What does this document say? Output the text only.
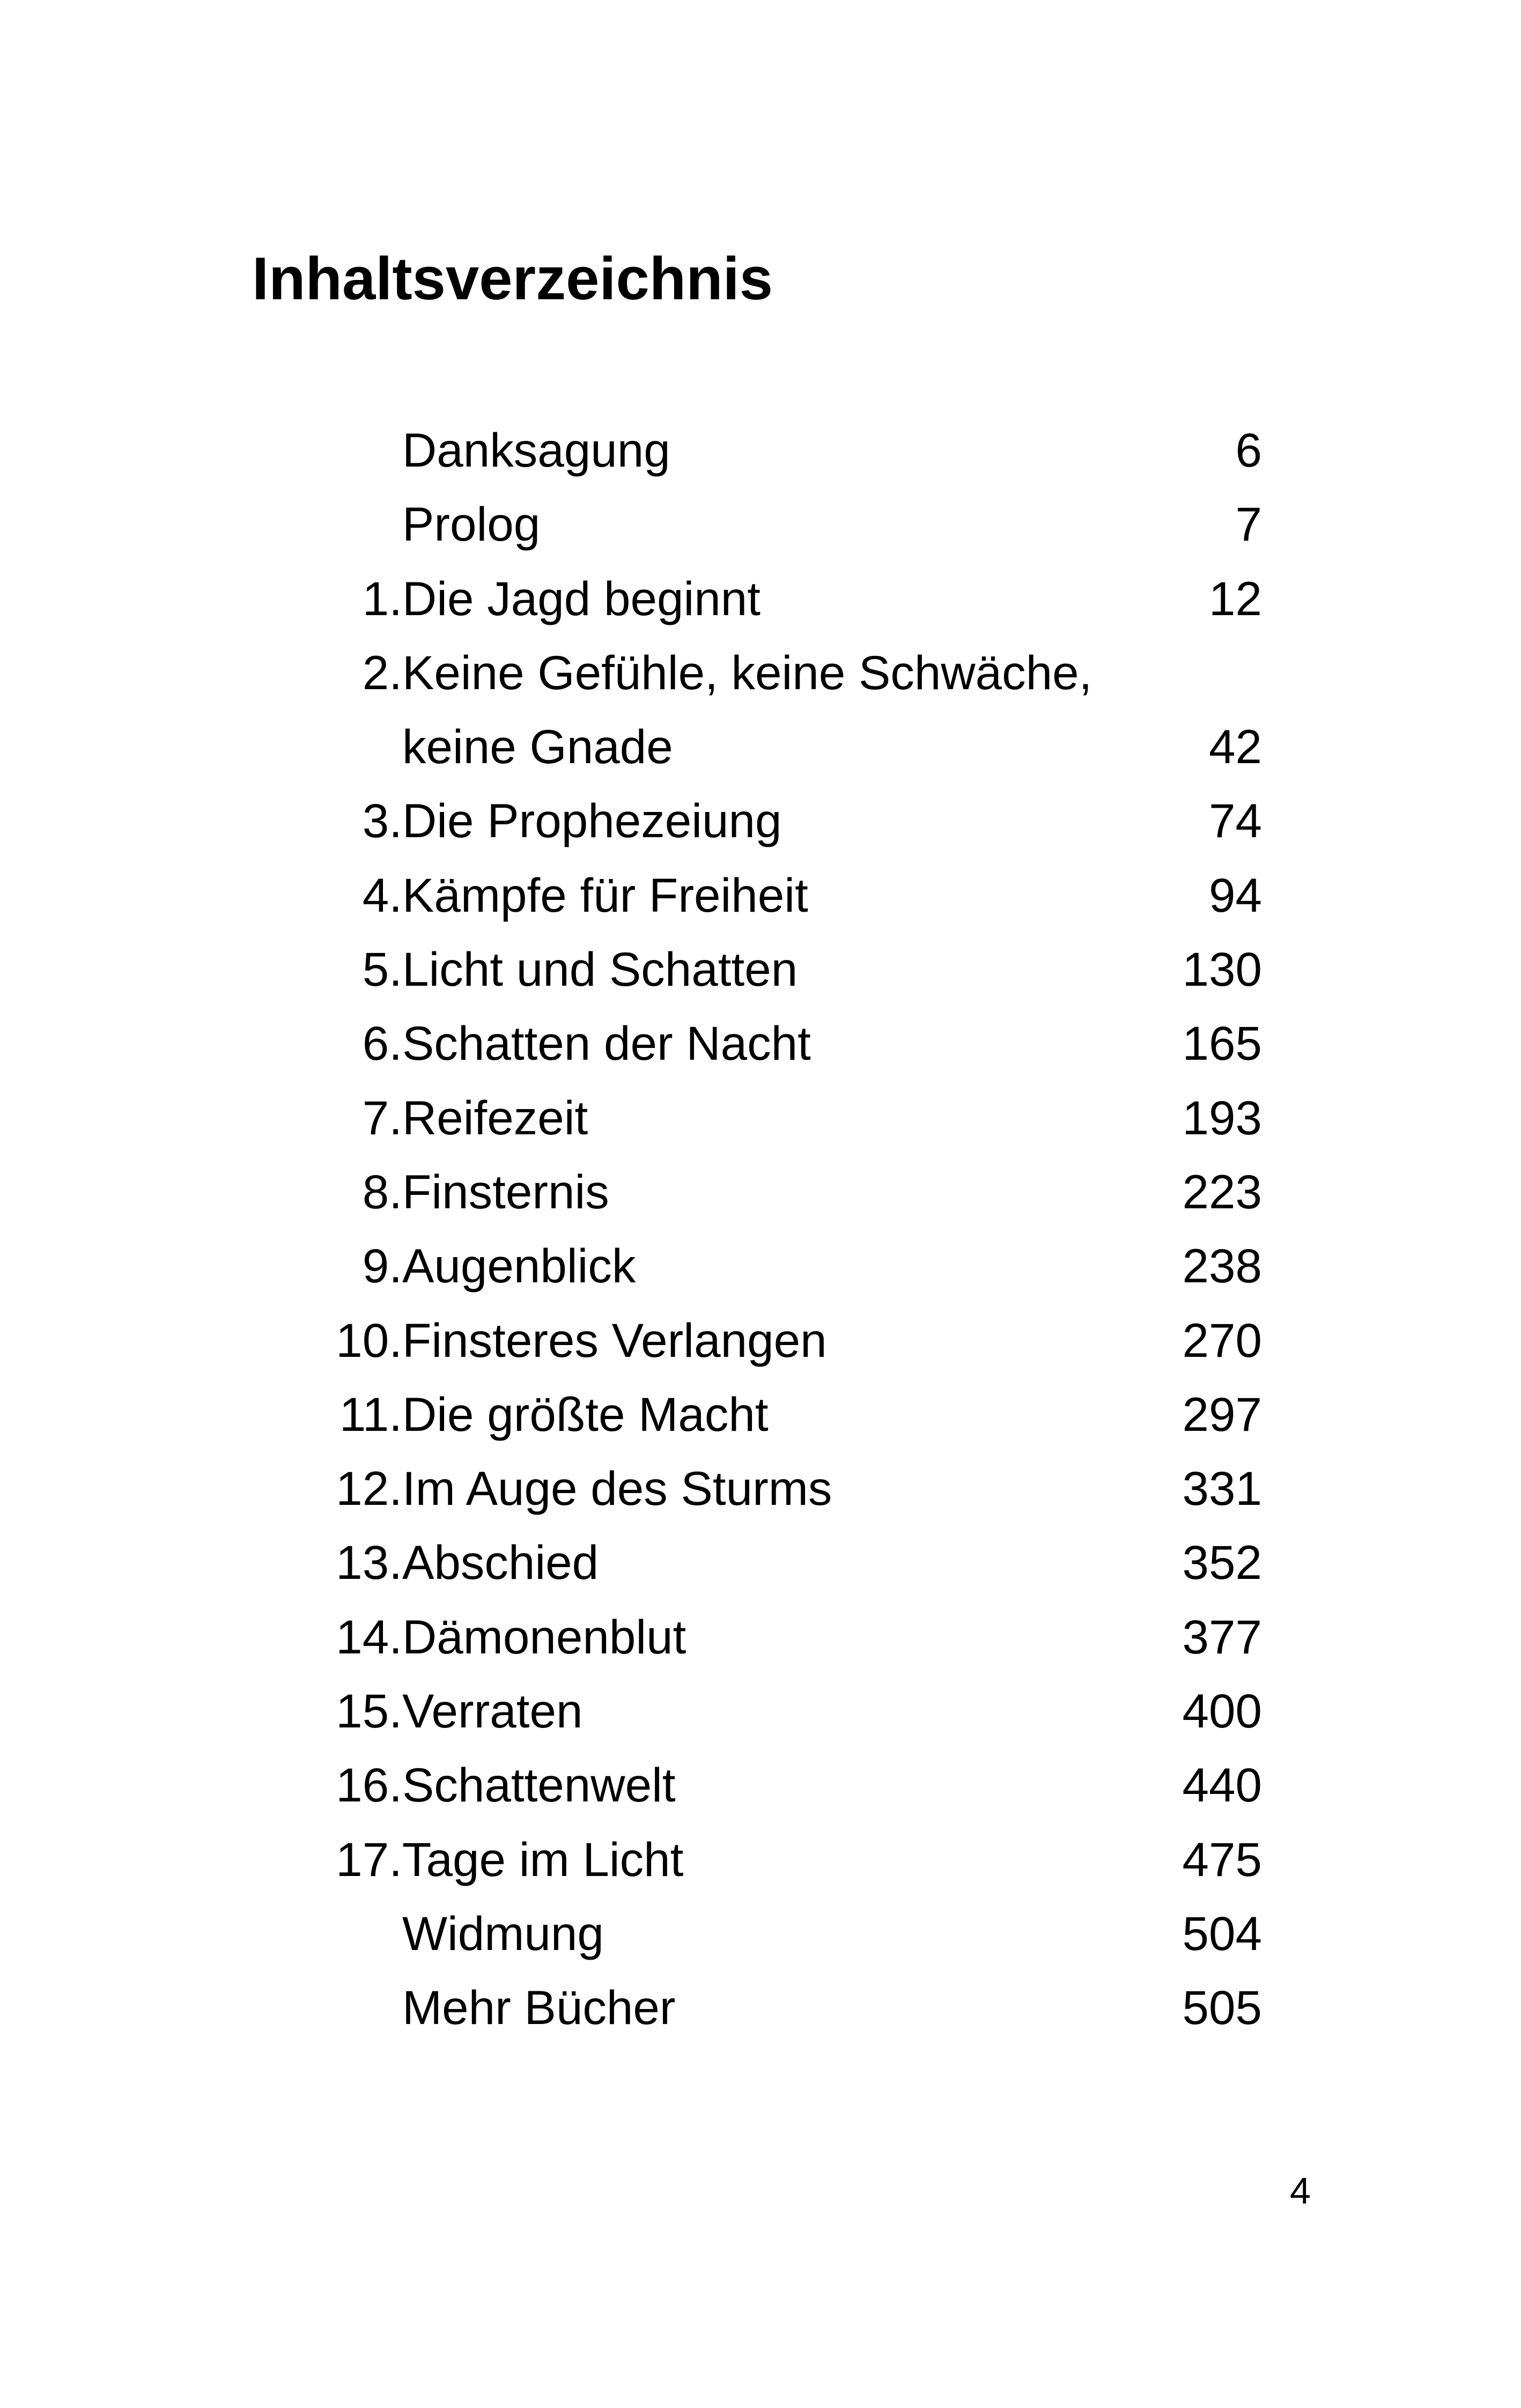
Inhaltsverzeichnis
Danksagung	6
Prolog	7
1. Die Jagd beginnt	12
2. Keine Gefühle, keine Schwäche,
keine Gnade	42
3. Die Prophezeiung	74
4. Kämpfe für Freiheit	94
5. Licht und Schatten	130
6. Schatten der Nacht	165
7. Reifezeit	193
8. Finsternis	223
9. Augenblick	238
10. Finsteres Verlangen	270
11. Die größte Macht	297
12. Im Auge des Sturms	331
13. Abschied	352
14. Dämonenblut	377
15. Verraten	400
16. Schattenwelt	440
17. Tage im Licht	475
Widmung	504
Mehr Bücher	505
4
